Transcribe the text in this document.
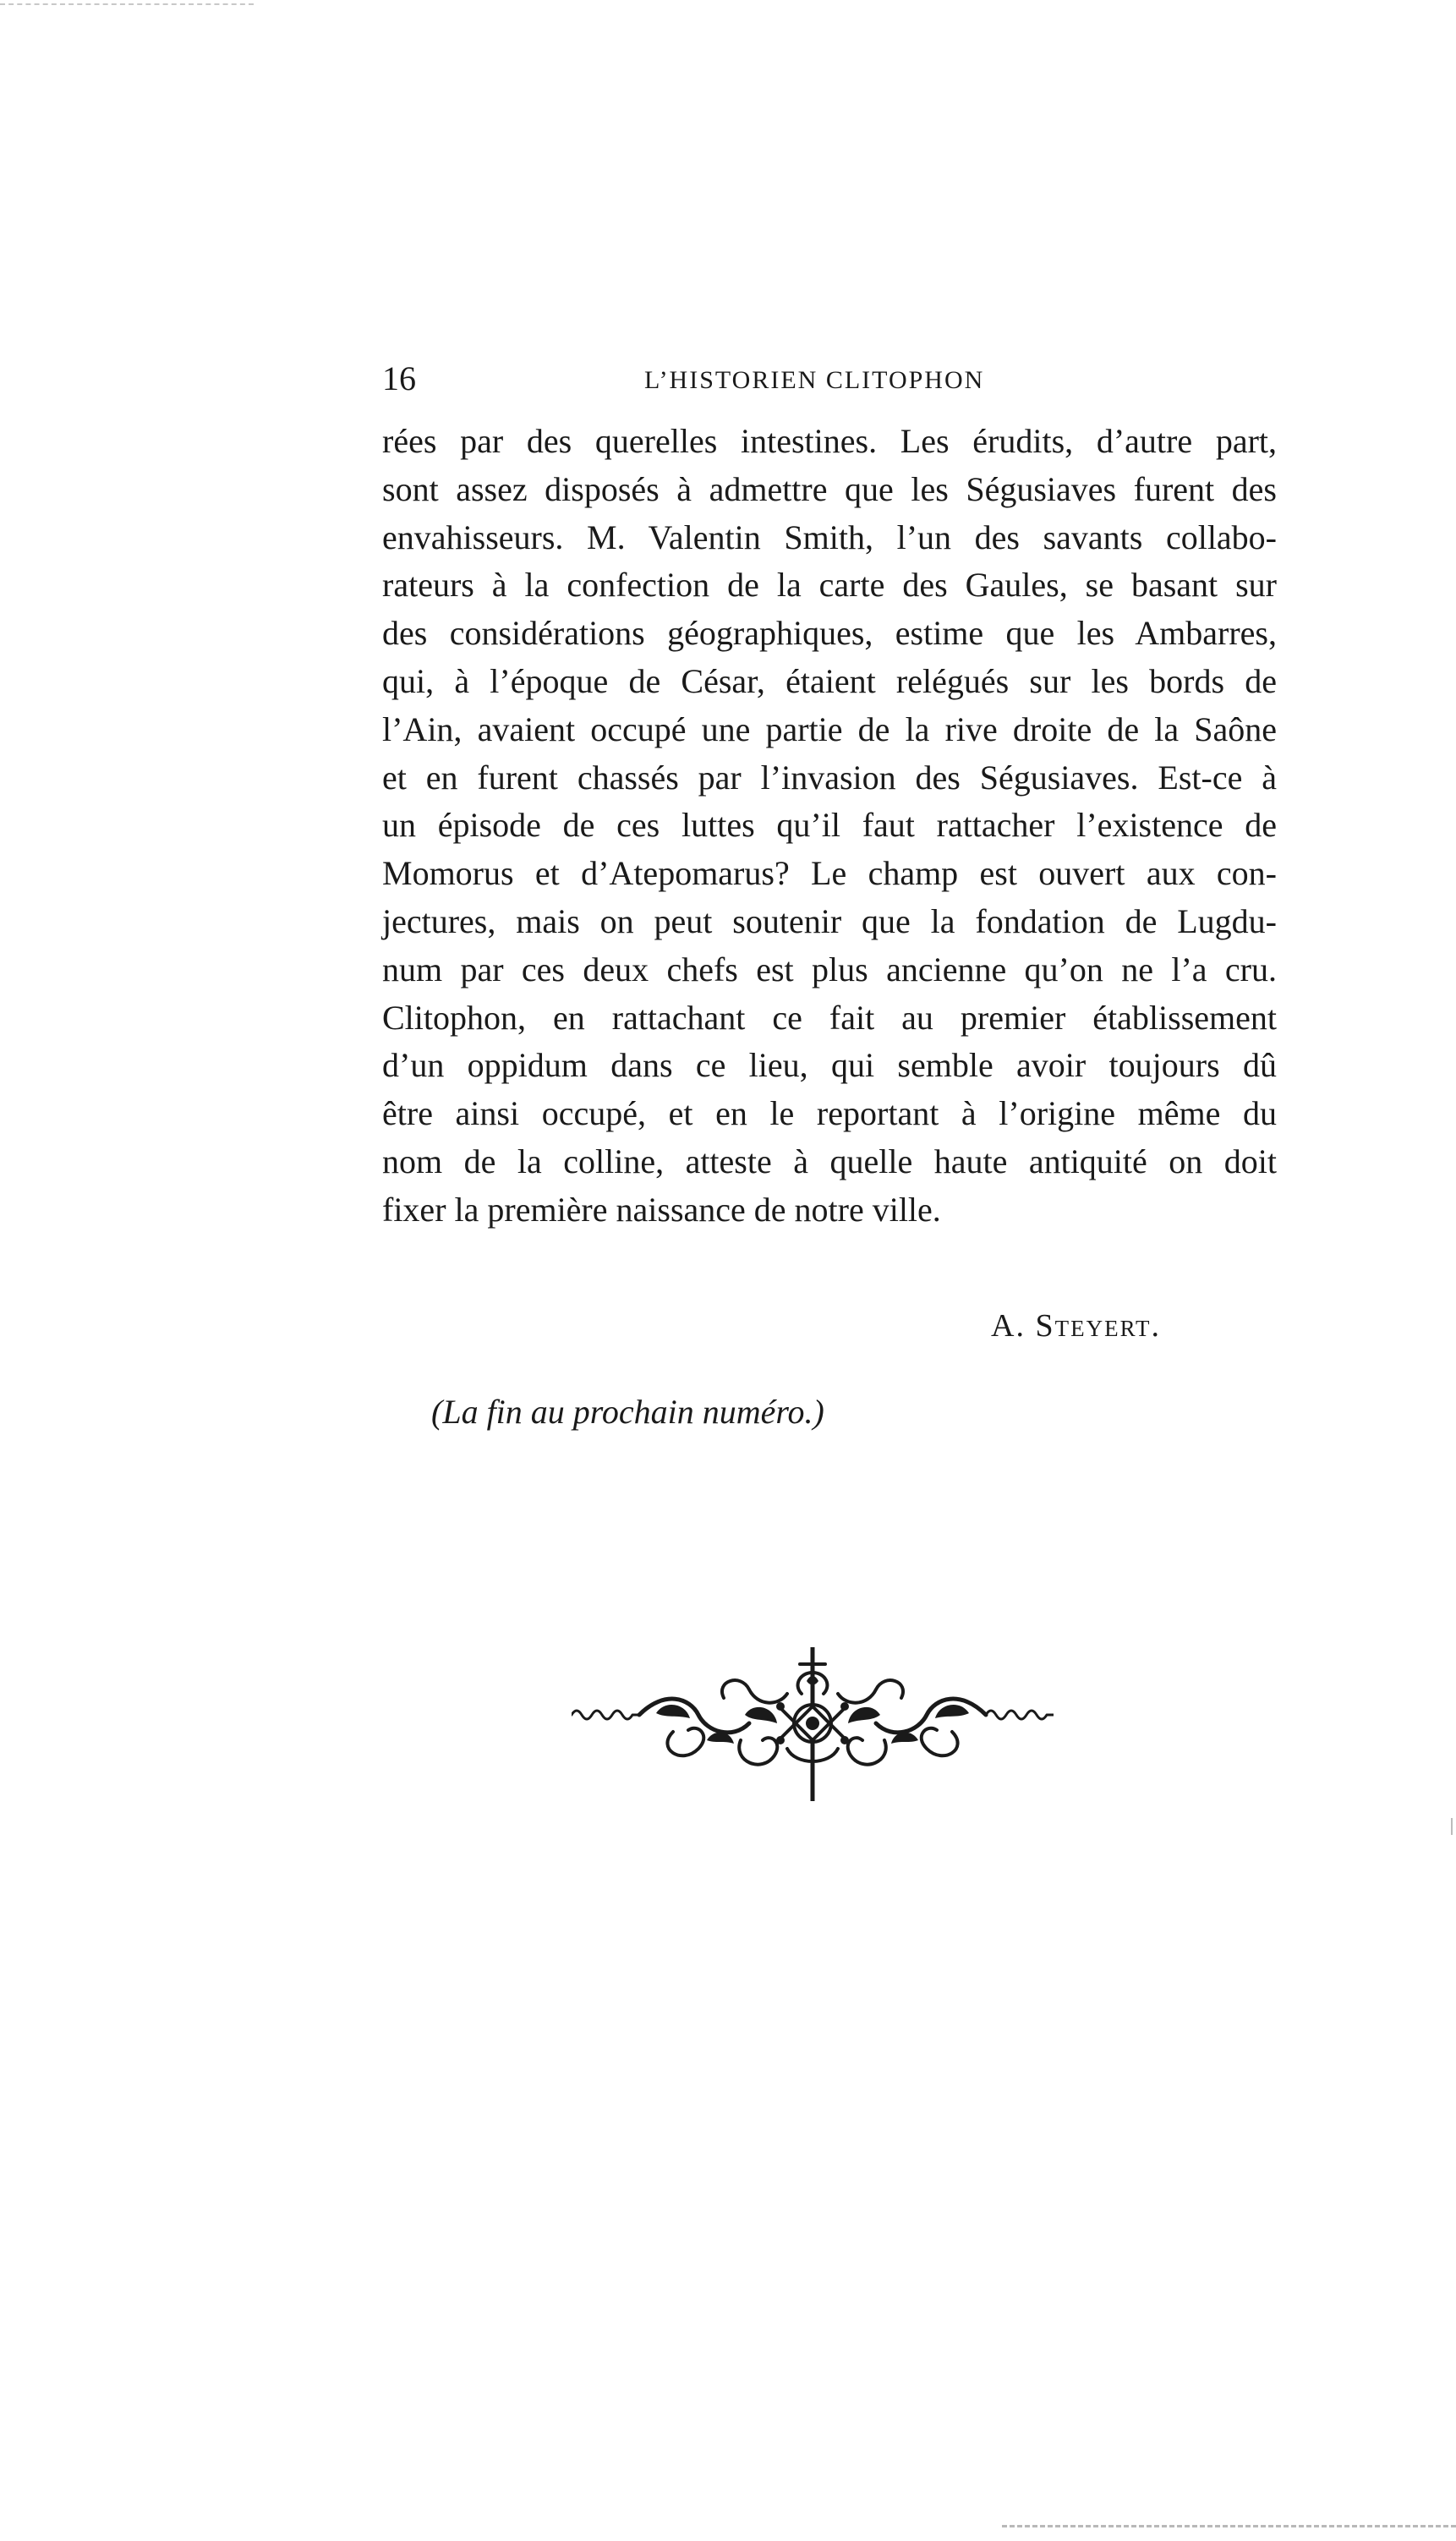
16	L’HISTORIEN CLITOPHON
rées par des querelles intestines. Les érudits, d’autre part,
sont assez disposés à admettre que les Ségusiaves furent des
envahisseurs. M. Valentin Smith, l’un des savants collabo-
rateurs à la confection de la carte des Gaules, se basant sur
des considérations géographiques, estime que les Ambarres,
qui, à l’époque de César, étaient relégués sur les bords de
l’Ain, avaient occupé une partie de la rive droite de la Saône
et en furent chassés par l’invasion des Ségusiaves. Est-ce à
un épisode de ces luttes qu’il faut rattacher l’existence de
Momorus et d’Atepomarus? Le champ est ouvert aux con-
jectures, mais on peut soutenir que la fondation de Lugdu-
num par ces deux chefs est plus ancienne qu’on ne l’a cru.
Clitophon, en rattachant ce fait au premier établissement
d’un oppidum dans ce lieu, qui semble avoir toujours dû
être ainsi occupé, et en le reportant à l’origine même du
nom de la colline, atteste à quelle haute antiquité on doit
fixer la première naissance de notre ville.
A. Steyert.
(La fin au prochain numéro.)
